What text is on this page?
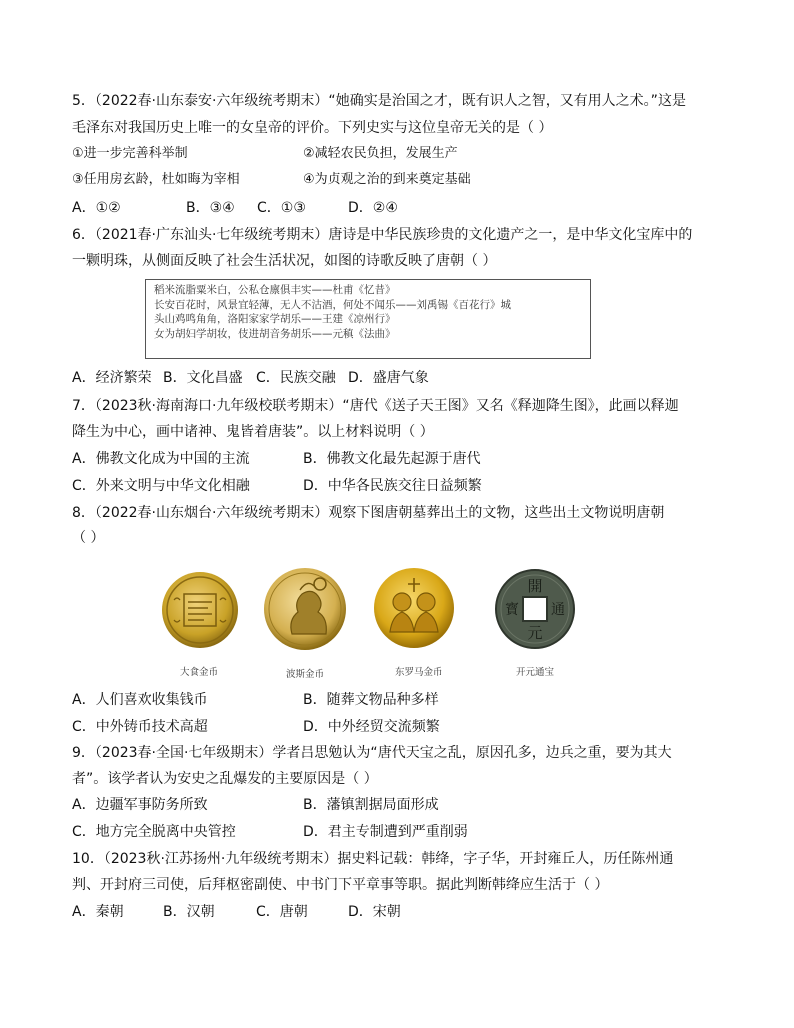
5．（2022春·山东泰安·六年级统考期末）“她确实是治国之才，既有识人之智，又有用人之术。”这是
毛泽东对我国历史上唯一的女皇帝的评价。下列史实与这位皇帝无关的是（ ）
①进一步完善科举制	②减轻农民负担，发展生产
③任用房玄龄，杜如晦为宰相	④为贞观之治的到来奠定基础
A．①②	B．③④ C．①③	D．②④
6．（2021春·广东汕头·七年级统考期末）唐诗是中华民族珍贵的文化遗产之一，是中华文化宝库中的
一颗明珠，从侧面反映了社会生活状况，如图的诗歌反映了唐朝（ ）
稻米流脂粟米白，公私仓廪俱丰实——杜甫《忆昔》
长安百花时，风景宜轻薄，无人不沽酒，何处不闻乐——刘禹锡《百花行》城
头山鸡鸣角角，洛阳家家学胡乐——王建《凉州行》
女为胡妇学胡妆，伎进胡音务胡乐——元稹《法曲》
A．经济繁荣 B．文化昌盛 C．民族交融 D．盛唐气象
7．（2023秋·海南海口·九年级校联考期末）“唐代《送子天王图》又名《释迦降生图》，此画以释迦
降生为中心，画中诸神、鬼皆着唐装”。以上材料说明（ ）
A．佛教文化成为中国的主流	B．佛教文化最先起源于唐代
C．外来文明与中华文化相融	D．中华各民族交往日益频繁
8．（2022春·山东烟台·六年级统考期末）观察下图唐朝墓葬出土的文物，这些出土文物说明唐朝
（ ）
大食金币	波斯金币	东罗马金币
開
通
寳
元
开元通宝
A．人们喜欢收集钱币	B．随葬文物品种多样
C．中外铸币技术高超	D．中外经贸交流频繁
9．（2023春·全国·七年级期末）学者吕思勉认为“唐代天宝之乱，原因孔多，边兵之重，要为其大
者”。该学者认为安史之乱爆发的主要原因是（ ）
A．边疆军事防务所致	B．藩镇割据局面形成
C．地方完全脱离中央管控	D．君主专制遭到严重削弱
10．（2023秋·江苏扬州·九年级统考期末）据史料记载：韩绛，字子华，开封雍丘人，历任陈州通
判、开封府三司使，后拜枢密副使、中书门下平章事等职。据此判断韩绛应生活于（ ）
A．秦朝	B．汉朝	C．唐朝	D．宋朝
